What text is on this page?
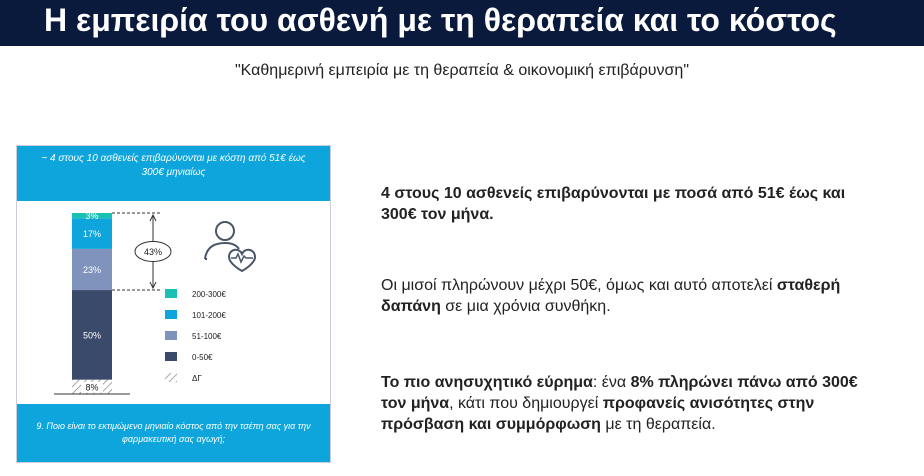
Η εμπειρία του ασθενή με τη θεραπεία και το κόστος
"Καθημερινή εμπειρία με τη θεραπεία & οικονομική επιβάρυνση"
~ 4 στους 10 ασθενείς επιβαρύνονται με κόστη από 51€ έως 300€ μηνιαίως
8%
50%
23%
17%
3%
43%
200-300€
101-200€
51-100€
0-50€
ΔΓ
9. Ποιο είναι το εκτιμώμενο μηνιαίο κόστος από την τσέπη σας για την φαρμακευτική σας αγωγή;
4 στους 10 ασθενείς επιβαρύνονται με ποσά από 51€ έως και 300€ τον μήνα.
Οι μισοί πληρώνουν μέχρι 50€, όμως και αυτό αποτελεί σταθερή δαπάνη σε μια χρόνια συνθήκη.
Το πιο ανησυχητικό εύρημα: ένα 8% πληρώνει πάνω από 300€ τον μήνα, κάτι που δημιουργεί προφανείς ανισότητες στην πρόσβαση και συμμόρφωση με τη θεραπεία.
